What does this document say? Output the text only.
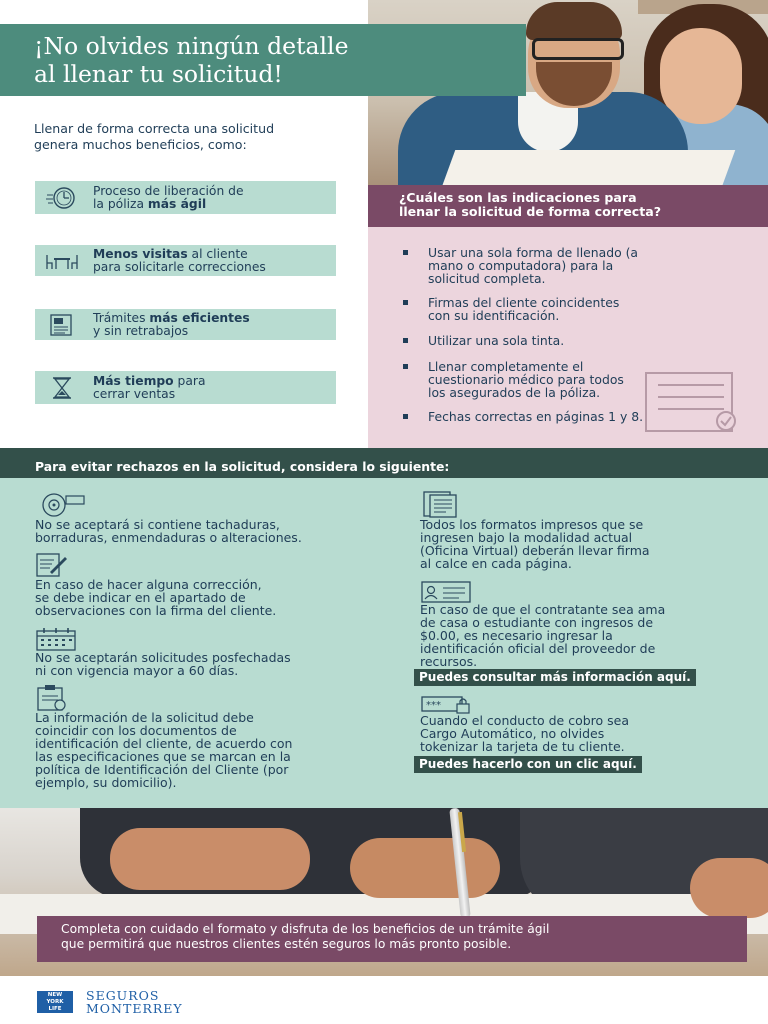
¡No olvides ningún detalle
al llenar tu solicitud!
Llenar de forma correcta una solicitud
genera muchos beneficios, como:
Proceso de liberación de
la póliza más ágil
Menos visitas al cliente
para solicitarle correcciones
Trámites más eficientes
y sin retrabajos
Más tiempo para
cerrar ventas
¿Cuáles son las indicaciones para
llenar la solicitud de forma correcta?
Usar una sola forma de llenado (a
mano o computadora) para la
solicitud completa.
Firmas del cliente coincidentes
con su identificación.
Utilizar una sola tinta.
Llenar completamente el
cuestionario médico para todos
los asegurados de la póliza.
Fechas correctas en páginas 1 y 8.
Para evitar rechazos en la solicitud, considera lo siguiente:
No se aceptará si contiene tachaduras,
borraduras, enmendaduras o alteraciones.
En caso de hacer alguna corrección,
se debe indicar en el apartado de
observaciones con la firma del cliente.
No se aceptarán solicitudes posfechadas
ni con vigencia mayor a 60 días.
La información de la solicitud debe
coincidir con los documentos de
identificación del cliente, de acuerdo con
las especificaciones que se marcan en la
política de Identificación del Cliente (por
ejemplo, su domicilio).
Todos los formatos impresos que se
ingresen bajo la modalidad actual
(Oficina Virtual) deberán llevar firma
al calce en cada página.
En caso de que el contratante sea ama
de casa o estudiante con ingresos de
$0.00, es necesario ingresar la
identificación oficial del proveedor de
recursos.
Puedes consultar más información aquí.
***
Cuando el conducto de cobro sea
Cargo Automático, no olvides
tokenizar la tarjeta de tu cliente.
Puedes hacerlo con un clic aquí.
Completa con cuidado el formato y disfruta de los beneficios de un trámite ágil
que permitirá que nuestros clientes estén seguros lo más pronto posible.
NEW
YORK
LIFE
SEGUROS
MONTERREY
